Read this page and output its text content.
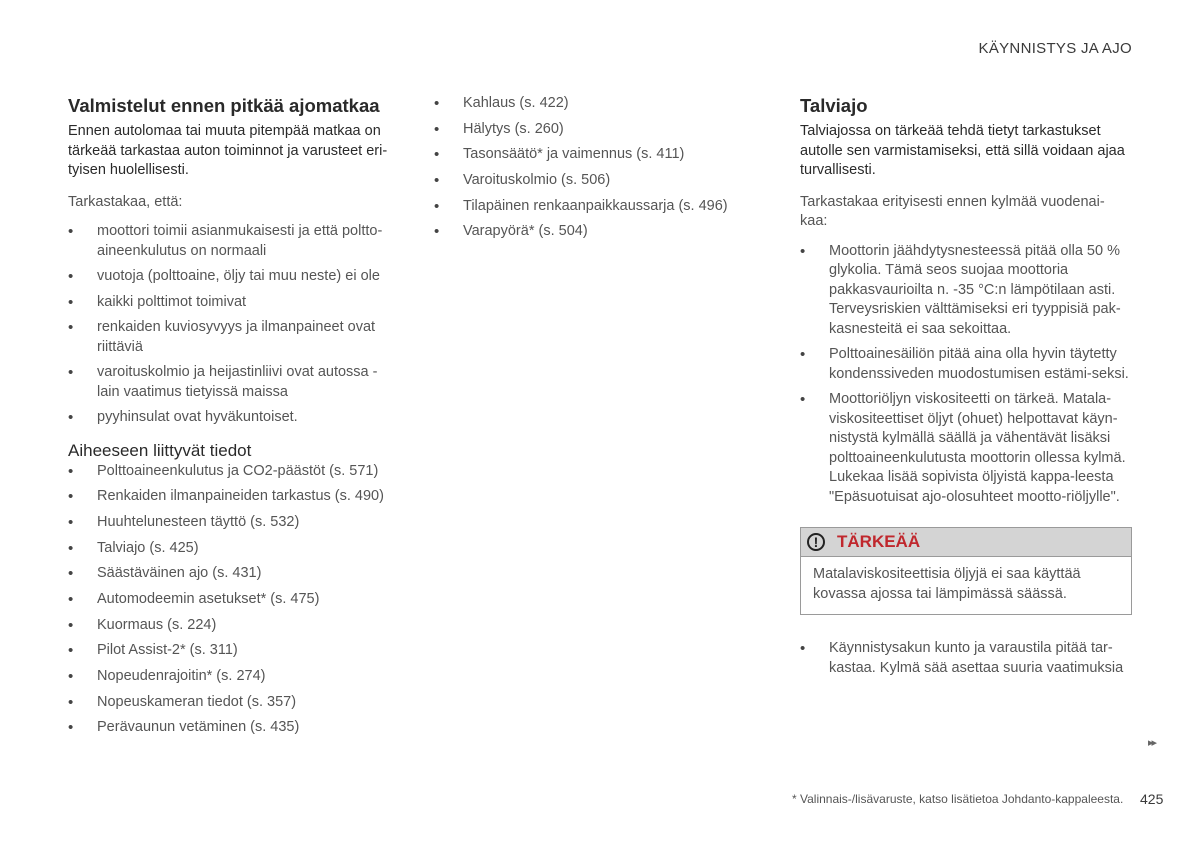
KÄYNNISTYS JA AJO
Valmistelut ennen pitkää ajomatkaa

Ennen autolomaa tai muuta pitempää matkaa on tärkeää tarkastaa auton toiminnot ja varusteet eri-tyisen huolellisesti.

Tarkastakaa, että:

• moottori toimii asianmukaisesti ja että poltto-aineenkulutus on normaali
• vuotoja (polttoaine, öljy tai muu neste) ei ole
• kaikki polttimot toimivat
• renkaiden kuviosyvyys ja ilmanpaineet ovat riittäviä
• varoituskolmio ja heijastinliivi ovat autossa - lain vaatimus tietyissä maissa
• pyyhinsulat ovat hyväkuntoiset.
Aiheeseen liittyvät tiedot
• Polttoaineenkulutus ja CO2-päästöt (s. 571)
• Renkaiden ilmanpaineiden tarkastus (s. 490)
• Huuhtelunesteen täyttö (s. 532)
• Talviajo (s. 425)
• Säästäväinen ajo (s. 431)
• Automodeemin asetukset* (s. 475)
• Kuormaus (s. 224)
• Pilot Assist-2* (s. 311)
• Nopeudenrajoitin* (s. 274)
• Nopeuskameran tiedot (s. 357)
• Perävaunun vetäminen (s. 435)
• Kahlaus (s. 422)
• Hälytys (s. 260)
• Tasonsäätö* ja vaimennus (s. 411)
• Varoituskolmio (s. 506)
• Tilapäinen renkaanpaikkaussarja (s. 496)
• Varapyörä* (s. 504)
Talviajo

Talviajossa on tärkeää tehdä tietyt tarkastukset autolle sen varmistamiseksi, että sillä voidaan ajaa turvallisesti.

Tarkastakaa erityisesti ennen kylmää vuodenai-kaa:

• Moottorin jäähdytysnesteessä pitää olla 50 % glykolia. Tämä seos suojaa moottoria pakkasvaurioilta n. -35 °C:n lämpötilaan asti. Terveysriskien välttämiseksi eri tyyppisiä pak-kasnesteitä ei saa sekoittaa.
• Polttoainesäiliön pitää aina olla hyvin täytetty kondenssiveden muodostumisen estämi-seksi.
• Moottoriöljyn viskositeetti on tärkeä. Matala-viskositeettiset öljyt (ohuet) helpottavat käyn-nistystä kylmällä säällä ja vähentävät lisäksi polttoaineenkulutusta moottorin ollessa kylmä. Lukekaa lisää sopivista öljyistä kappa-leesta "Epäsuotuisat ajo-olosuhteet mootto-riöljylle".
!	TÄRKEÄÄ
Matalaviskositeettisia öljyjä ei saa käyttää kovassa ajossa tai lämpimässä säässä.
• Käynnistysakun kunto ja varaustila pitää tar-kastaa. Kylmä sää asettaa suuria vaatimuksia
▸▸
* Valinnais-/lisävaruste, katso lisätietoa Johdanto-kappaleesta. 425
